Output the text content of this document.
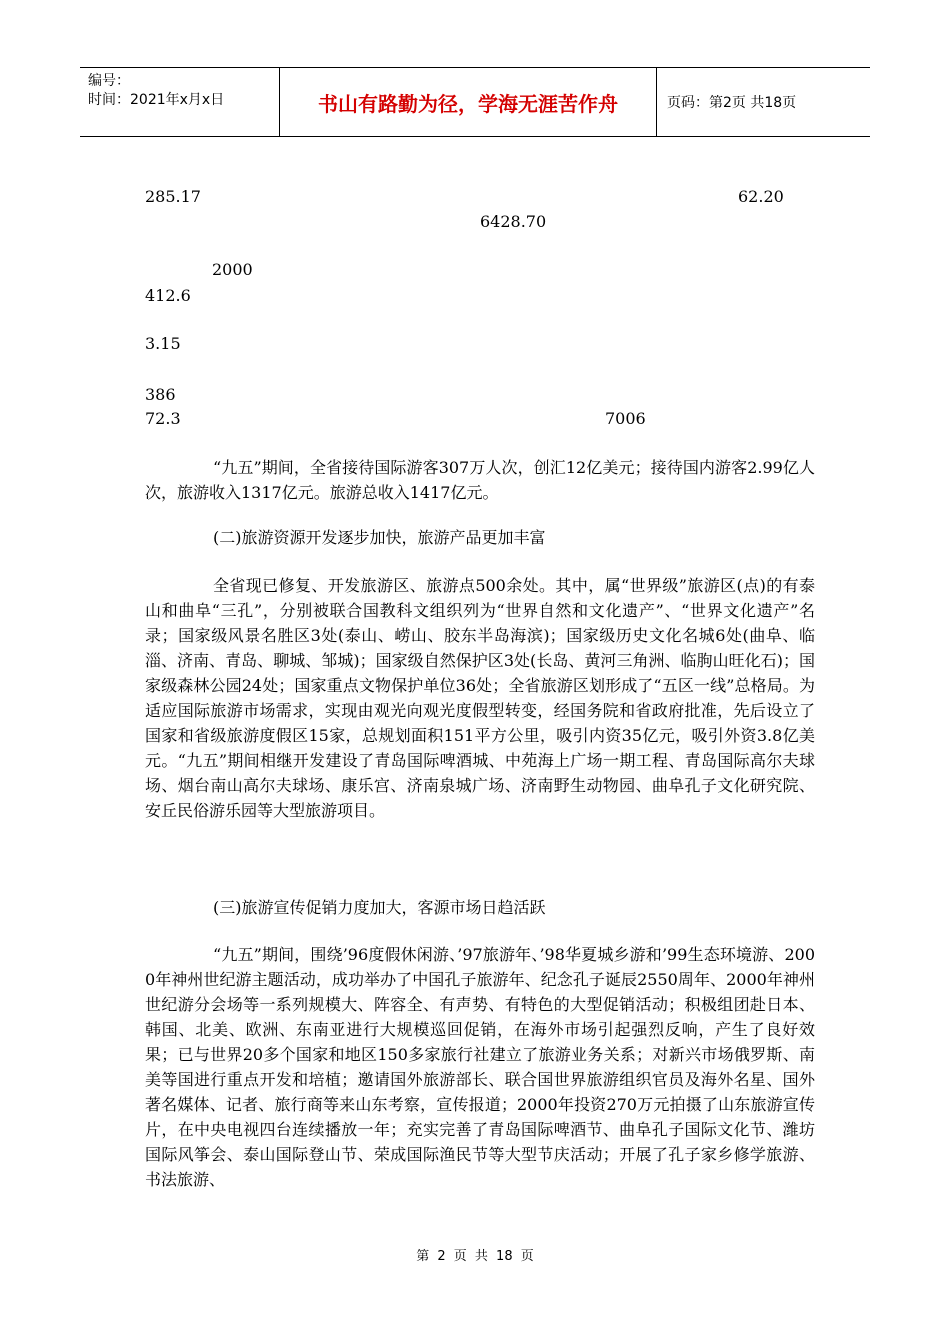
编号：
时间：2021年x月x日	书山有路勤为径，学海无涯苦作舟	页码：第2页 共18页
285.17	62.20
6428.70
2000
412.6
3.15
386
72.3	7006

“九五”期间，全省接待国际游客307万人次，创汇12亿美元；接待国内游客2.99亿人次，旅游收入1317亿元。旅游总收入1417亿元。

(二)旅游资源开发逐步加快，旅游产品更加丰富

全省现已修复、开发旅游区、旅游点500余处。其中，属“世界级”旅游区(点)的有泰山和曲阜“三孔”，分别被联合国教科文组织列为“世界自然和文化遗产”、“世界文化遗产”名录；国家级风景名胜区3处(泰山、崂山、胶东半岛海滨)；国家级历史文化名城6处(曲阜、临淄、济南、青岛、聊城、邹城)；国家级自然保护区3处(长岛、黄河三角洲、临朐山旺化石)；国家级森林公园24处；国家重点文物保护单位36处；全省旅游区划形成了“五区一线”总格局。为适应国际旅游市场需求，实现由观光向观光度假型转变，经国务院和省政府批准，先后设立了国家和省级旅游度假区15家，总规划面积151平方公里，吸引内资35亿元，吸引外资3.8亿美元。“九五”期间相继开发建设了青岛国际啤酒城、中苑海上广场一期工程、青岛国际高尔夫球场、烟台南山高尔夫球场、康乐宫、济南泉城广场、济南野生动物园、曲阜孔子文化研究院、安丘民俗游乐园等大型旅游项目。

(三)旅游宣传促销力度加大，客源市场日趋活跃

“九五”期间，围绕’96度假休闲游、’97旅游年、’98华夏城乡游和’99生态环境游、2000年神州世纪游主题活动，成功举办了中国孔子旅游年、纪念孔子诞辰2550周年、2000年神州世纪游分会场等一系列规模大、阵容全、有声势、有特色的大型促销活动；积极组团赴日本、韩国、北美、欧洲、东南亚进行大规模巡回促销，在海外市场引起强烈反响，产生了良好效果；已与世界20多个国家和地区150多家旅行社建立了旅游业务关系；对新兴市场俄罗斯、南美等国进行重点开发和培植；邀请国外旅游部长、联合国世界旅游组织官员及海外名星、国外著名媒体、记者、旅行商等来山东考察，宣传报道；2000年投资270万元拍摄了山东旅游宣传片，在中央电视四台连续播放一年；充实完善了青岛国际啤酒节、曲阜孔子国际文化节、潍坊国际风筝会、泰山国际登山节、荣成国际渔民节等大型节庆活动；开展了孔子家乡修学旅游、书法旅游、

第 2 页 共 18 页
